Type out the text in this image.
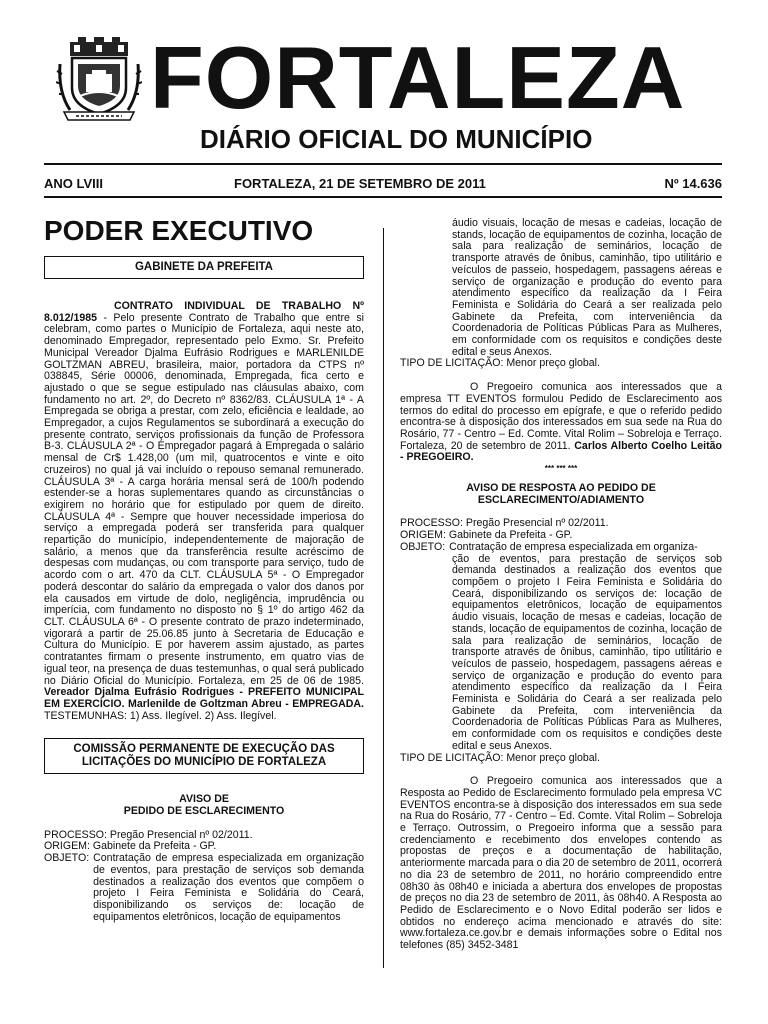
FORTALEZA
DIÁRIO OFICIAL DO MUNICÍPIO
ANO LVIII	FORTALEZA, 21 DE SETEMBRO DE 2011	Nº 14.636
PODER EXECUTIVO
GABINETE DA PREFEITA

CONTRATO INDIVIDUAL DE TRABALHO Nº 8.012/1985 - Pelo presente Contrato de Trabalho que entre si celebram, como partes o Município de Fortaleza, aqui neste ato, denominado Empregador, representado pelo Exmo. Sr. Prefeito Municipal Vereador Djalma Eufrásio Rodrigues e MARLENILDE GOLTZMAN ABREU, brasileira, maior, portadora da CTPS nº 038845, Série 00006, denominada, Empregada, fica certo e ajustado o que se segue estipulado nas cláusulas abaixo, com fundamento no art. 2º, do Decreto nº 8362/83. CLÁUSULA 1ª - A Empregada se obriga a prestar, com zelo, eficiência e lealdade, ao Empregador, a cujos Regulamentos se subordinará a execução do presente contrato, serviços profissionais da função de Professora B-3. CLÁUSULA 2ª - O Empregador pagará à Empregada o salário mensal de Cr$ 1.428,00 (um mil, quatrocentos e vinte e oito cruzeiros) no qual já vai incluído o repouso semanal remunerado. CLÁUSULA 3ª - A carga horária mensal será de 100/h podendo estender-se a horas suplementares quando as circunstâncias o exigirem no horário que for estipulado por quem de direito. CLÁUSULA 4ª - Sempre que houver necessidade imperiosa do serviço a empregada poderá ser transferida para qualquer repartição do município, independentemente de majoração de salário, a menos que da transferência resulte acréscimo de despesas com mudanças, ou com transporte para serviço, tudo de acordo com o art. 470 da CLT. CLÁUSULA 5ª - O Empregador poderá descontar do salário da empregada o valor dos danos por ela causados em virtude de dolo, negligência, imprudência ou imperícia, com fundamento no disposto no § 1º do artigo 462 da CLT. CLÁUSULA 6ª - O presente contrato de prazo indeterminado, vigorará a partir de 25.06.85 junto à Secretaria de Educação e Cultura do Município. E por haverem assim ajustado, as partes contratantes firmam o presente instrumento, em quatro vias de igual teor, na presença de duas testemunhas, o qual será publicado no Diário Oficial do Município. Fortaleza, em 25 de 06 de 1985. Vereador Djalma Eufrásio Rodrigues - PREFEITO MUNICIPAL EM EXERCÍCIO. Marlenilde de Goltzman Abreu - EMPREGADA. TESTEMUNHAS: 1) Ass. Ilegível. 2) Ass. Ilegível.

COMISSÃO PERMANENTE DE EXECUÇÃO DAS LICITAÇÕES DO MUNICÍPIO DE FORTALEZA

AVISO DE

PEDIDO DE ESCLARECIMENTO

PROCESSO: Pregão Presencial nº 02/2011.

ORIGEM: Gabinete da Prefeita - GP.

OBJETO: Contratação de empresa especializada em organização de eventos, para prestação de serviços sob demanda destinados a realização dos eventos que compõem o projeto I Feira Feminista e Solidária do Ceará, disponibilizando os serviços de: locação de equipamentos eletrônicos, locação de equipamentos

áudio visuais, locação de mesas e cadeias, locação de stands, locação de equipamentos de cozinha, locação de sala para realização de seminários, locação de transporte através de ônibus, caminhão, tipo utilitário e veículos de passeio, hospedagem, passagens aéreas e serviço de organização e produção do evento para atendimento específico da realização da I Feira Feminista e Solidária do Ceará a ser realizada pelo Gabinete da Prefeita, com interveniência da Coordenadoria de Políticas Públicas Para as Mulheres, em conformidade com os requisitos e condições deste edital e seus Anexos.

TIPO DE LICITAÇÃO: Menor preço global.

O Pregoeiro comunica aos interessados que a empresa TT EVENTOS formulou Pedido de Esclarecimento aos termos do edital do processo em epígrafe, e que o referido pedido encontra-se à disposição dos interessados em sua sede na Rua do Rosário, 77 - Centro – Ed. Comte. Vital Rolim – Sobreloja e Terraço. Fortaleza, 20 de setembro de 2011. Carlos Alberto Coelho Leitão - PREGOEIRO.

*** *** ***

AVISO DE RESPOSTA AO PEDIDO DE

ESCLARECIMENTO/ADIAMENTO

PROCESSO: Pregão Presencial nº 02/2011.

ORIGEM: Gabinete da Prefeita - GP.

OBJETO: Contratação de empresa especializada em organiza-

ção de eventos, para prestação de serviços sob demanda destinados a realização dos eventos que compõem o projeto I Feira Feminista e Solidária do Ceará, disponibilizando os serviços de: locação de equipamentos eletrônicos, locação de equipamentos áudio visuais, locação de mesas e cadeias, locação de stands, locação de equipamentos de cozinha, locação de sala para realização de seminários, locação de transporte através de ônibus, caminhão, tipo utilitário e veículos de passeio, hospedagem, passagens aéreas e serviço de organização e produção do evento para atendimento específico da realização da I Feira Feminista e Solidária do Ceará a ser realizada pelo Gabinete da Prefeita, com interveniência da Coordenadoria de Políticas Públicas Para as Mulheres, em conformidade com os requisitos e condições deste edital e seus Anexos.

TIPO DE LICITAÇÃO: Menor preço global.

O Pregoeiro comunica aos interessados que a Resposta ao Pedido de Esclarecimento formulado pela empresa VC EVENTOS encontra-se à disposição dos interessados em sua sede na Rua do Rosário, 77 - Centro – Ed. Comte. Vital Rolim – Sobreloja e Terraço. Outrossim, o Pregoeiro informa que a sessão para credenciamento e recebimento dos envelopes contendo as propostas de preços e a documentação de habilitação, anteriormente marcada para o dia 20 de setembro de 2011, ocorrerá no dia 23 de setembro de 2011, no horário compreendido entre 08h30 às 08h40 e iniciada a abertura dos envelopes de propostas de preços no dia 23 de setembro de 2011, às 08h40. A Resposta ao Pedido de Esclarecimento e o Novo Edital poderão ser lidos e obtidos no endereço acima mencionado e através do site: www.fortaleza.ce.gov.br e demais informações sobre o Edital nos telefones (85) 3452-3481
